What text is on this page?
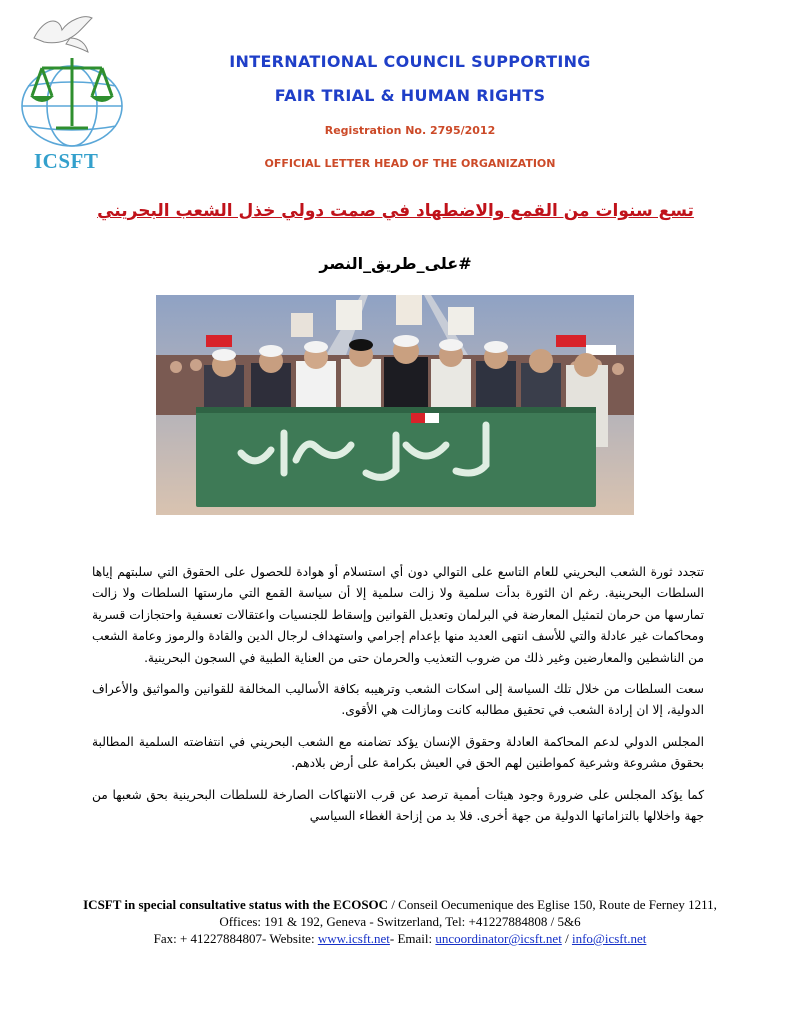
ICSFT
INTERNATIONAL COUNCIL SUPPORTING
FAIR TRIAL & HUMAN RIGHTS
Registration No. 2795/2012
OFFICIAL LETTER HEAD OF THE ORGANIZATION
تسع سنوات من القمع والاضطهاد في صمت دولي خذل الشعب البحريني
#على_طريق_النصر

تتجدد ثورة الشعب البحريني للعام التاسع على التوالي دون أي استسلام أو هوادة للحصول على الحقوق التي سلبتهم إياها السلطات البحرينية. رغم ان الثورة بدأت سلمية ولا زالت سلمية إلا أن سياسة القمع التي مارستها السلطات ولا زالت تمارسها من حرمان لتمثيل المعارضة في البرلمان وتعديل القوانين وإسقاط للجنسيات واعتقالات تعسفية واحتجازات قسرية ومحاكمات غير عادلة والتي للأسف انتهى العديد منها بإعدام إجرامي واستهداف لرجال الدين والقادة والرموز وعامة الشعب من الناشطين والمعارضين وغير ذلك من ضروب التعذيب والحرمان حتى من العناية الطبية في السجون البحرينية.

سعت السلطات من خلال تلك السياسة إلى اسكات الشعب وترهيبه بكافة الأساليب المخالفة للقوانين والمواثيق والأعراف الدولية، إلا ان إرادة الشعب في تحقيق مطالبه كانت ومازالت هي الأقوى.

المجلس الدولي لدعم المحاكمة العادلة وحقوق الإنسان يؤكد تضامنه مع الشعب البحريني في انتفاضته السلمية المطالبة بحقوق مشروعة وشرعية كمواطنين لهم الحق في العيش بكرامة على أرض بلادهم.

كما يؤكد المجلس على ضرورة وجود هيئات أممية ترصد عن قرب الانتهاكات الصارخة للسلطات البحرينية بحق شعبها من جهة واخلالها بالتزاماتها الدولية من جهة أخرى. فلا بد من إزاحة الغطاء السياسي

ICSFT in special consultative status with the ECOSOC / Conseil Oecumenique des Eglise 150, Route de Ferney 1211, Offices: 191 & 192, Geneva - Switzerland, Tel: +41227884808 / 5&6
Fax: + 41227884807- Website: www.icsft.net- Email: uncoordinator@icsft.net / info@icsft.net
